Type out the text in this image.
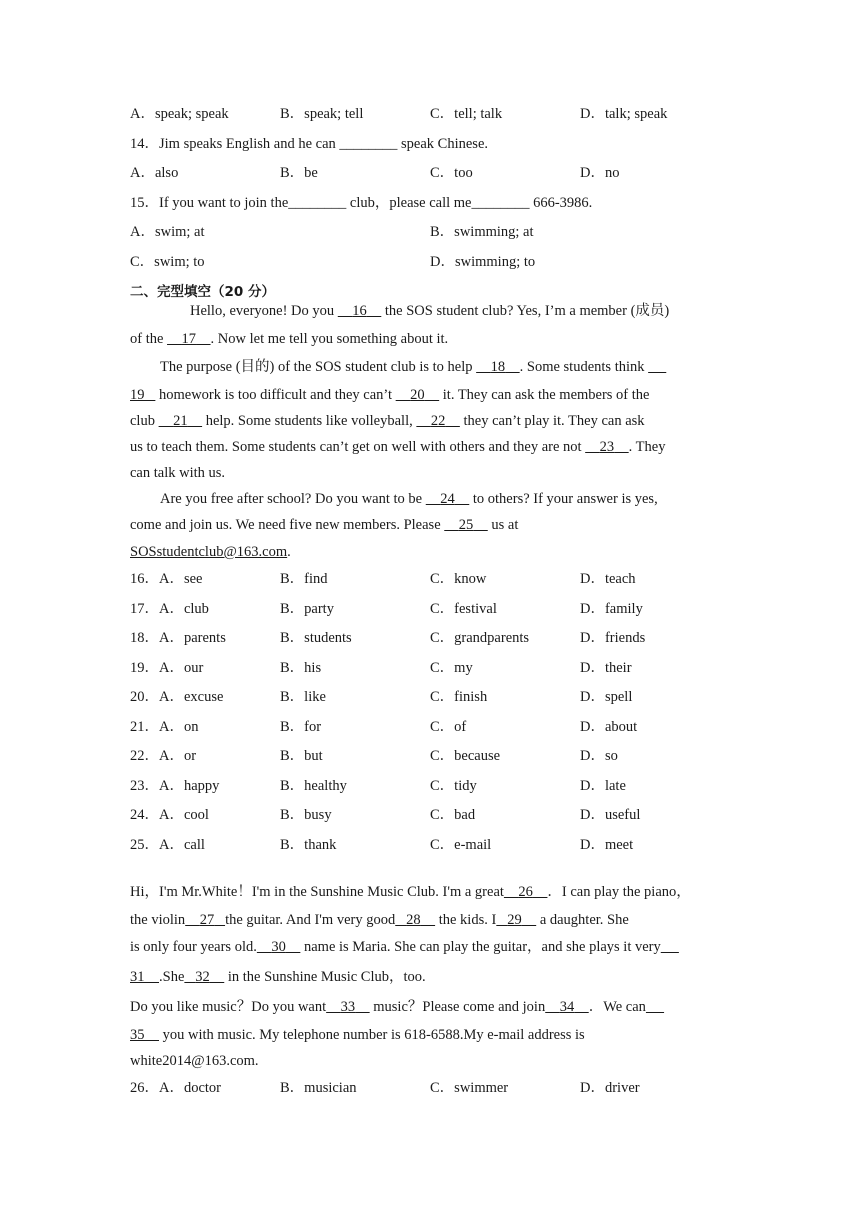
A．speak; speak	B．speak; tell	C．tell; talk	D．talk; speak
14．Jim speaks English and he can ________ speak Chinese.
A．also	B．be	C．too	D．no
15．If you want to join the________ club，please call me________ 666-3986.
A．swim; at	B．swimming; at
C．swim; to	D．swimming; to
二、完型填空（20 分）
Hello, everyone! Do you     16     the SOS student club? Yes, I’m a member (成员)
of the     17 . Now let me tell you something about it.
The purpose (目的) of the SOS student club is to help     18 . Some students think
19    homework is too difficult and they can’t     20     it. They can ask the members of the
club     21     help. Some students like volleyball,     22     they can’t play it. They can ask
us to teach them. Some students can’t get on well with others and they are not     23 . They
can talk with us.
Are you free after school? Do you want to be     24     to others? If your answer is yes,
come and join us. We need five new members. Please     25     us at
SOSstudentclub@163.com.
16．A．see	B．find	C．know	D．teach
17．A．club	B．party	C．festival	D．family
18．A．parents	B．students	C．grandparents	D．friends
19．A．our	B．his	C．my	D．their
20．A．excuse	B．like	C．finish	D．spell
21．A．on	B．for	C．of	D．about
22．A．or	B．but	C．because	D．so
23．A．happy	B．healthy	C．tidy	D．late
24．A．cool	B．busy	C．bad	D．useful
25．A．call	B．thank	C．e-mail	D．meet
Hi，I'm Mr.White！I'm in the Sunshine Music Club. I'm a great 26 ．I can play the piano，
the violin 27 the guitar. And I'm very good 28     the kids. I 29     a daughter. She
is only four years old. 30     name is Maria. She can play the guitar，and she plays it very
31 .She 32     in the Sunshine Music Club，too.
Do you like music？Do you want 33     music？Please come and join 34 ．We can
35     you with music. My telephone number is 618-6588.My e-mail address is
white2014@163.com.
26．A．doctor	B．musician	C．swimmer	D．driver
